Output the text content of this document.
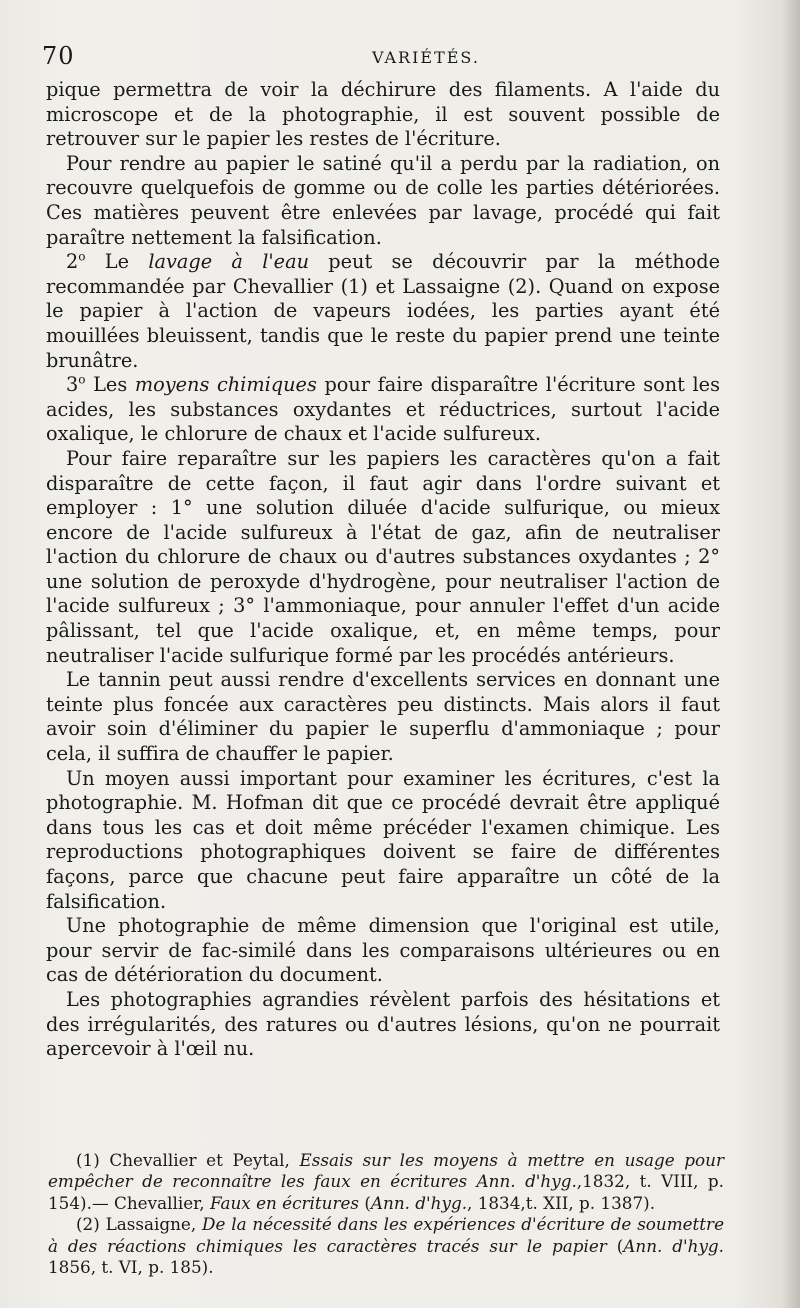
70	VARIÉTÉS.

pique permettra de voir la déchirure des filaments. A l'aide du microscope et de la photographie, il est souvent possible de retrouver sur le papier les restes de l'écriture.

Pour rendre au papier le satiné qu'il a perdu par la radiation, on recouvre quelquefois de gomme ou de colle les parties détériorées. Ces matières peuvent être enlevées par lavage, procédé qui fait paraître nettement la falsification.

2$^o$ Le lavage à l'eau peut se découvrir par la méthode recommandée par Chevallier (1) et Lassaigne (2). Quand on expose le papier à l'action de vapeurs iodées, les parties ayant été mouillées bleuissent, tandis que le reste du papier prend une teinte brunâtre.

3$^o$ Les moyens chimiques pour faire disparaître l'écriture sont les acides, les substances oxydantes et réductrices, surtout l'acide oxalique, le chlorure de chaux et l'acide sulfureux.

Pour faire reparaître sur les papiers les caractères qu'on a fait disparaître de cette façon, il faut agir dans l'ordre suivant et employer : 1° une solution diluée d'acide sulfurique, ou mieux encore de l'acide sulfureux à l'état de gaz, afin de neutraliser l'action du chlorure de chaux ou d'autres substances oxydantes ; 2° une solution de peroxyde d'hydrogène, pour neutraliser l'action de l'acide sulfureux ; 3° l'ammoniaque, pour annuler l'effet d'un acide pâlissant, tel que l'acide oxalique, et, en même temps, pour neutraliser l'acide sulfurique formé par les procédés antérieurs.

Le tannin peut aussi rendre d'excellents services en donnant une teinte plus foncée aux caractères peu distincts. Mais alors il faut avoir soin d'éliminer du papier le superflu d'ammoniaque ; pour cela, il suffira de chauffer le papier.

Un moyen aussi important pour examiner les écritures, c'est la photographie. M. Hofman dit que ce procédé devrait être appliqué dans tous les cas et doit même précéder l'examen chimique. Les reproductions photographiques doivent se faire de différentes façons, parce que chacune peut faire apparaître un côté de la falsification.

Une photographie de même dimension que l'original est utile, pour servir de fac-similé dans les comparaisons ultérieures ou en cas de détérioration du document.

Les photographies agrandies révèlent parfois des hésitations et des irrégularités, des ratures ou d'autres lésions, qu'on ne pourrait apercevoir à l'œil nu.

(1) Chevallier et Peytal, Essais sur les moyens à mettre en usage pour empêcher de reconnaître les faux en écritures Ann. d'hyg.,1832, t. VIII, p. 154).— Chevallier, Faux en écritures (Ann. d'hyg., 1834,t. XII, p. 1387).

(2) Lassaigne, De la nécessité dans les expériences d'écriture de soumettre à des réactions chimiques les caractères tracés sur le papier (Ann. d'hyg. 1856, t. VI, p. 185).
